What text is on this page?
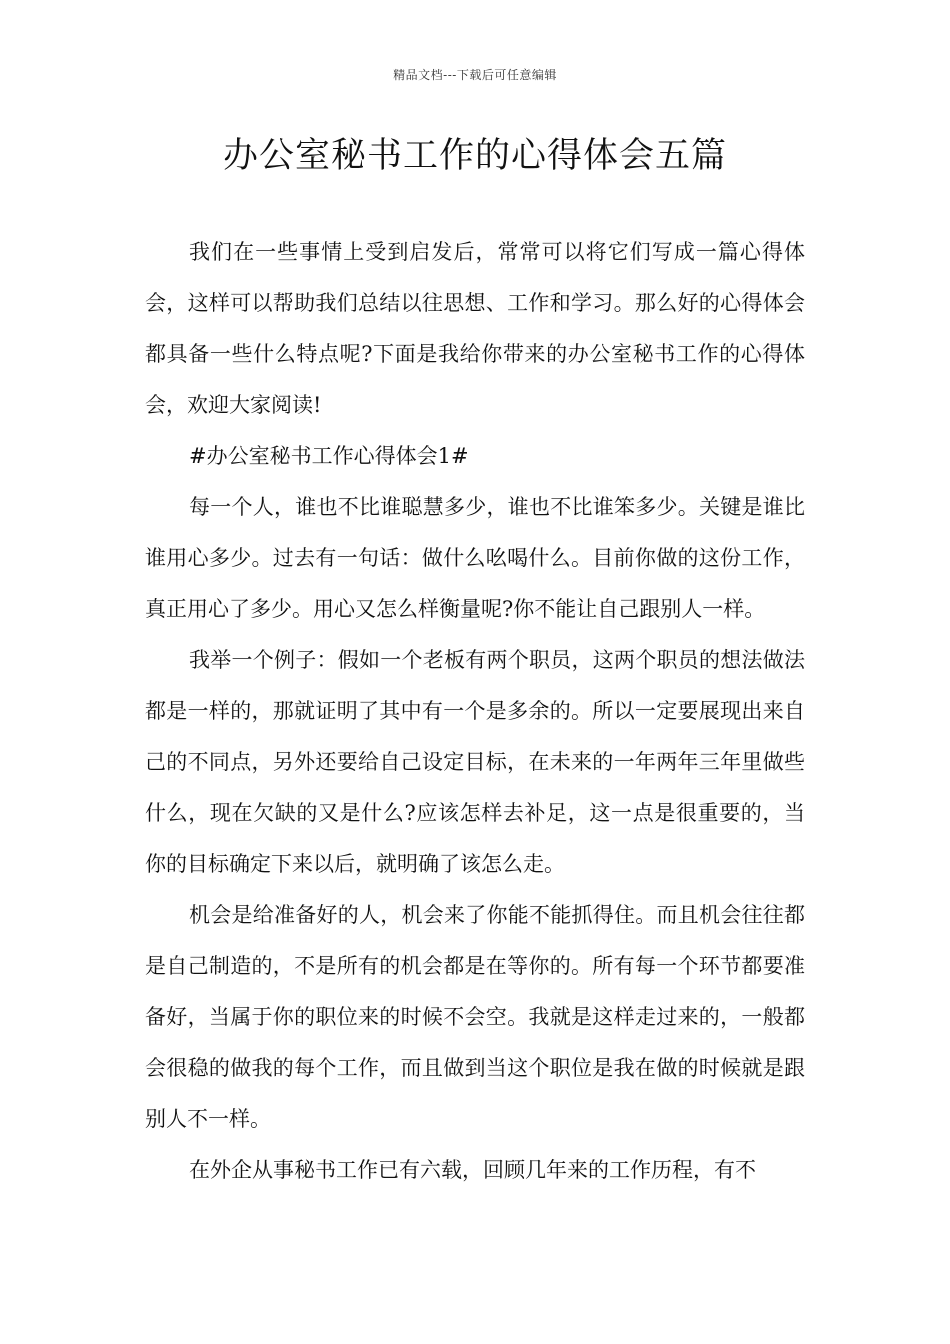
精品文档---下载后可任意编辑
办公室秘书工作的心得体会五篇

我们在一些事情上受到启发后，常常可以将它们写成一篇心得体会，这样可以帮助我们总结以往思想、工作和学习。那么好的心得体会都具备一些什么特点呢?下面是我给你带来的办公室秘书工作的心得体会，欢迎大家阅读!

#办公室秘书工作心得体会1#

每一个人，谁也不比谁聪慧多少，谁也不比谁笨多少。关键是谁比谁用心多少。过去有一句话：做什么吆喝什么。目前你做的这份工作，真正用心了多少。用心又怎么样衡量呢?你不能让自己跟别人一样。

我举一个例子：假如一个老板有两个职员，这两个职员的想法做法都是一样的，那就证明了其中有一个是多余的。所以一定要展现出来自己的不同点，另外还要给自己设定目标，在未来的一年两年三年里做些什么，现在欠缺的又是什么?应该怎样去补足，这一点是很重要的，当你的目标确定下来以后，就明确了该怎么走。

机会是给准备好的人，机会来了你能不能抓得住。而且机会往往都是自己制造的，不是所有的机会都是在等你的。所有每一个环节都要准备好，当属于你的职位来的时候不会空。我就是这样走过来的，一般都会很稳的做我的每个工作，而且做到当这个职位是我在做的时候就是跟别人不一样。

在外企从事秘书工作已有六载，回顾几年来的工作历程，有不
